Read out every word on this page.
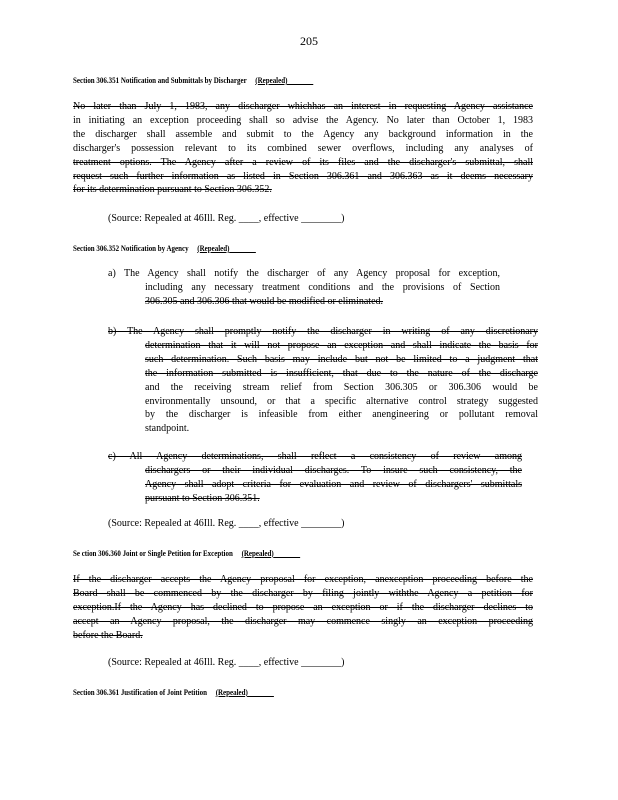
205
Section 306.351 Notification and Submittals by Discharger (Repealed)
No later than July 1, 1983, any discharger whichhas an interest in requesting Agency assistance
in initiating an exception proceeding shall so advise the Agency. No later than October 1, 1983
the discharger shall assemble and submit to the Agency any background information in the
discharger's possession relevant to its combined sewer overflows, including any analyses of
treatment options. The Agency after a review of its files and the discharger's submittal, shall
request such further information as listed in Section 306.361 and 306.363 as it deems necessary
for its determination pursuant to Section 306.352.
(Source: Repealed at 46Ill. Reg. ____, effective ________)
Section 306.352 Notification by Agency (Repealed)
a) The Agency shall notify the discharger of any Agency proposal for exception,
including any necessary treatment conditions and the provisions of Section
306.305 and 306.306 that would be modified or eliminated.
b) The Agency shall promptly notify the discharger in writing of any discretionary
determination that it will not propose an exception and shall indicate the basis for
such determination. Such basis may include but not be limited to a judgment that
the information submitted is insufficient, that due to the nature of the discharge
and the receiving stream relief from Section 306.305 or 306.306 would be
environmentally unsound, or that a specific alternative control strategy suggested
by the discharger is infeasible from either anengineering or pollutant removal
standpoint.
c) All Agency determinations, shall reflect a consistency of review among
dischargers or their individual discharges. To insure such consistency, the
Agency shall adopt criteria for evaluation and review of dischargers' submittals
pursuant to Section 306.351.
(Source: Repealed at 46Ill. Reg. ____, effective ________)
Se ction 306.360 Joint or Single Petition for Exception (Repealed)
If the discharger accepts the Agency proposal for exception, anexception proceeding before the
Board shall be commenced by the discharger by filing jointly withthe Agency a petition for
exception.If the Agency has declined to propose an exception or if the discharger declines to
accept an Agency proposal, the discharger may commence singly an exception proceeding
before the Board.
(Source: Repealed at 46Ill. Reg. ____, effective ________)
Section 306.361 Justification of Joint Petition (Repealed)
